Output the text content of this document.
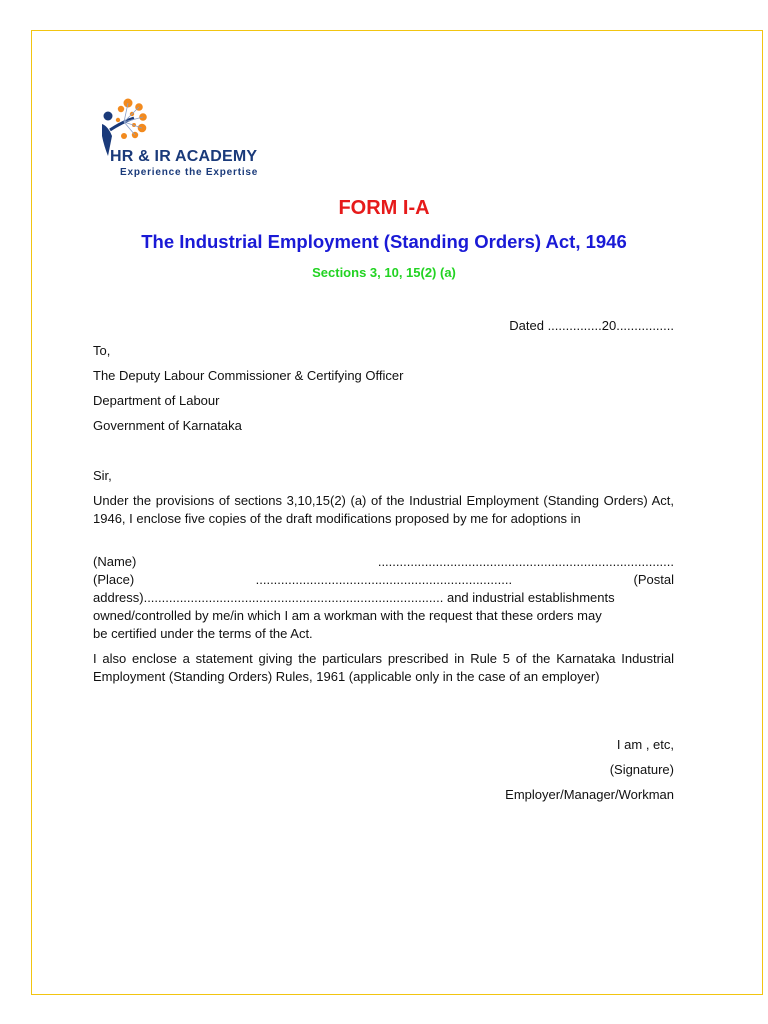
HR & IR ACADEMY
Experience the Expertise
FORM I-A
The Industrial Employment (Standing Orders) Act, 1946
Sections 3, 10, 15(2) (a)
Dated ...............20................
To,
The Deputy Labour Commissioner & Certifying Officer
Department of Labour
Government of Karnataka
Sir,
Under the provisions of sections 3,10,15(2) (a) of the Industrial Employment (Standing Orders) Act, 1946, I enclose five copies of the draft modifications proposed by me for adoptions in
(Name)	..................................................................................
(Place)	.......................................................................	(Postal
address)................................................................................... and industrial establishments
owned/controlled by me/in which I am a workman with the request that these orders may
be certified under the terms of the Act.
I also enclose a statement giving the particulars prescribed in Rule 5 of the Karnataka Industrial Employment (Standing Orders) Rules, 1961 (applicable only in the case of an employer)
I am , etc,
(Signature)
Employer/Manager/Workman
